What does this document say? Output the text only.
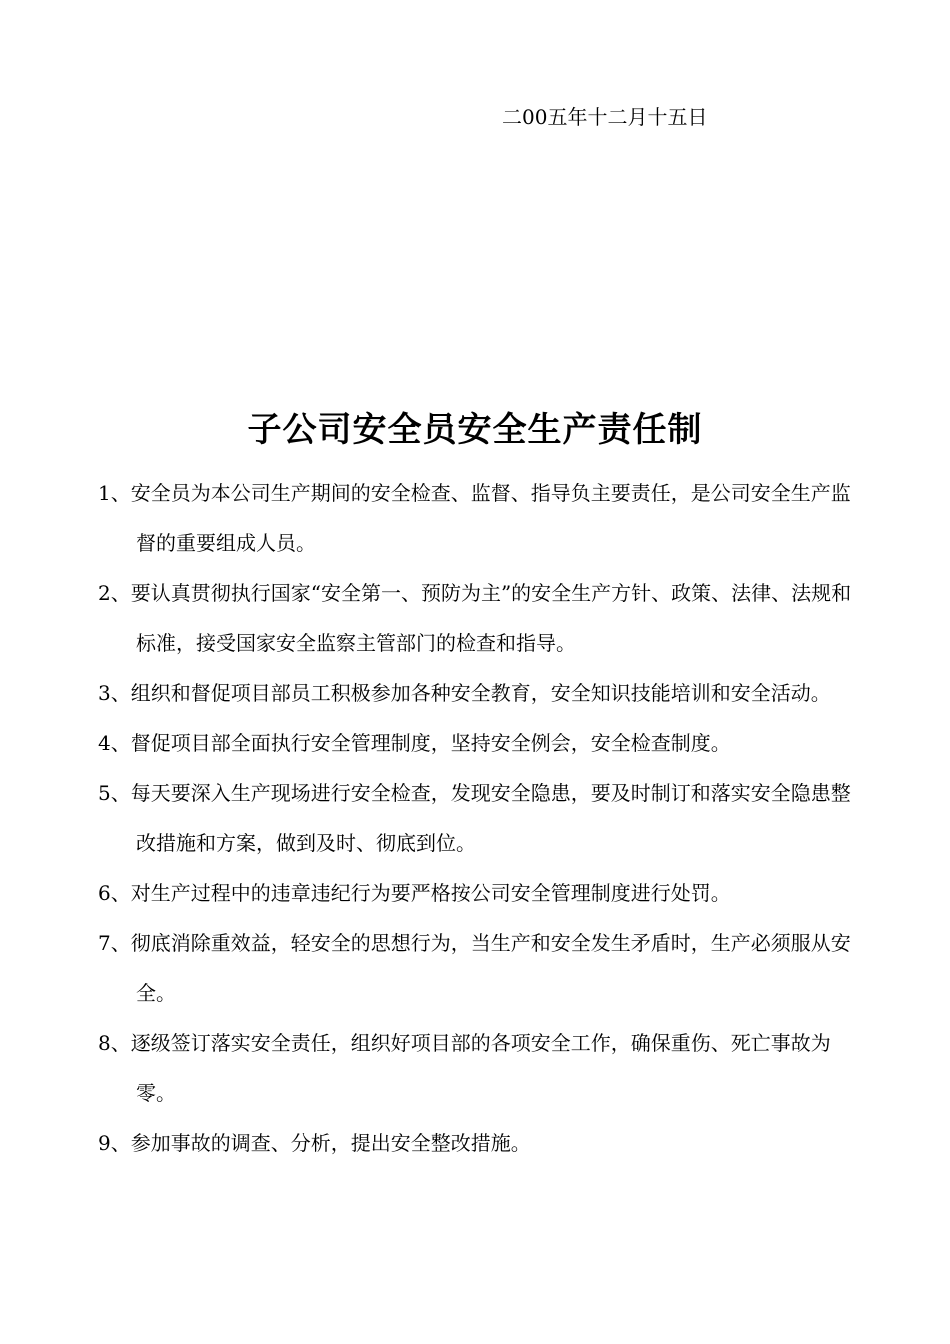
二00五年十二月十五日
子公司安全员安全生产责任制
1、安全员为本公司生产期间的安全检查、监督、指导负主要责任，是公司安全生产监督的重要组成人员。
2、要认真贯彻执行国家“安全第一、预防为主”的安全生产方针、政策、法律、法规和标准，接受国家安全监察主管部门的检查和指导。
3、组织和督促项目部员工积极参加各种安全教育，安全知识技能培训和安全活动。
4、督促项目部全面执行安全管理制度，坚持安全例会，安全检查制度。
5、每天要深入生产现场进行安全检查，发现安全隐患，要及时制订和落实安全隐患整改措施和方案，做到及时、彻底到位。
6、对生产过程中的违章违纪行为要严格按公司安全管理制度进行处罚。
7、彻底消除重效益，轻安全的思想行为，当生产和安全发生矛盾时，生产必须服从安全。
8、逐级签订落实安全责任，组织好项目部的各项安全工作，确保重伤、死亡事故为零。
9、参加事故的调查、分析，提出安全整改措施。
